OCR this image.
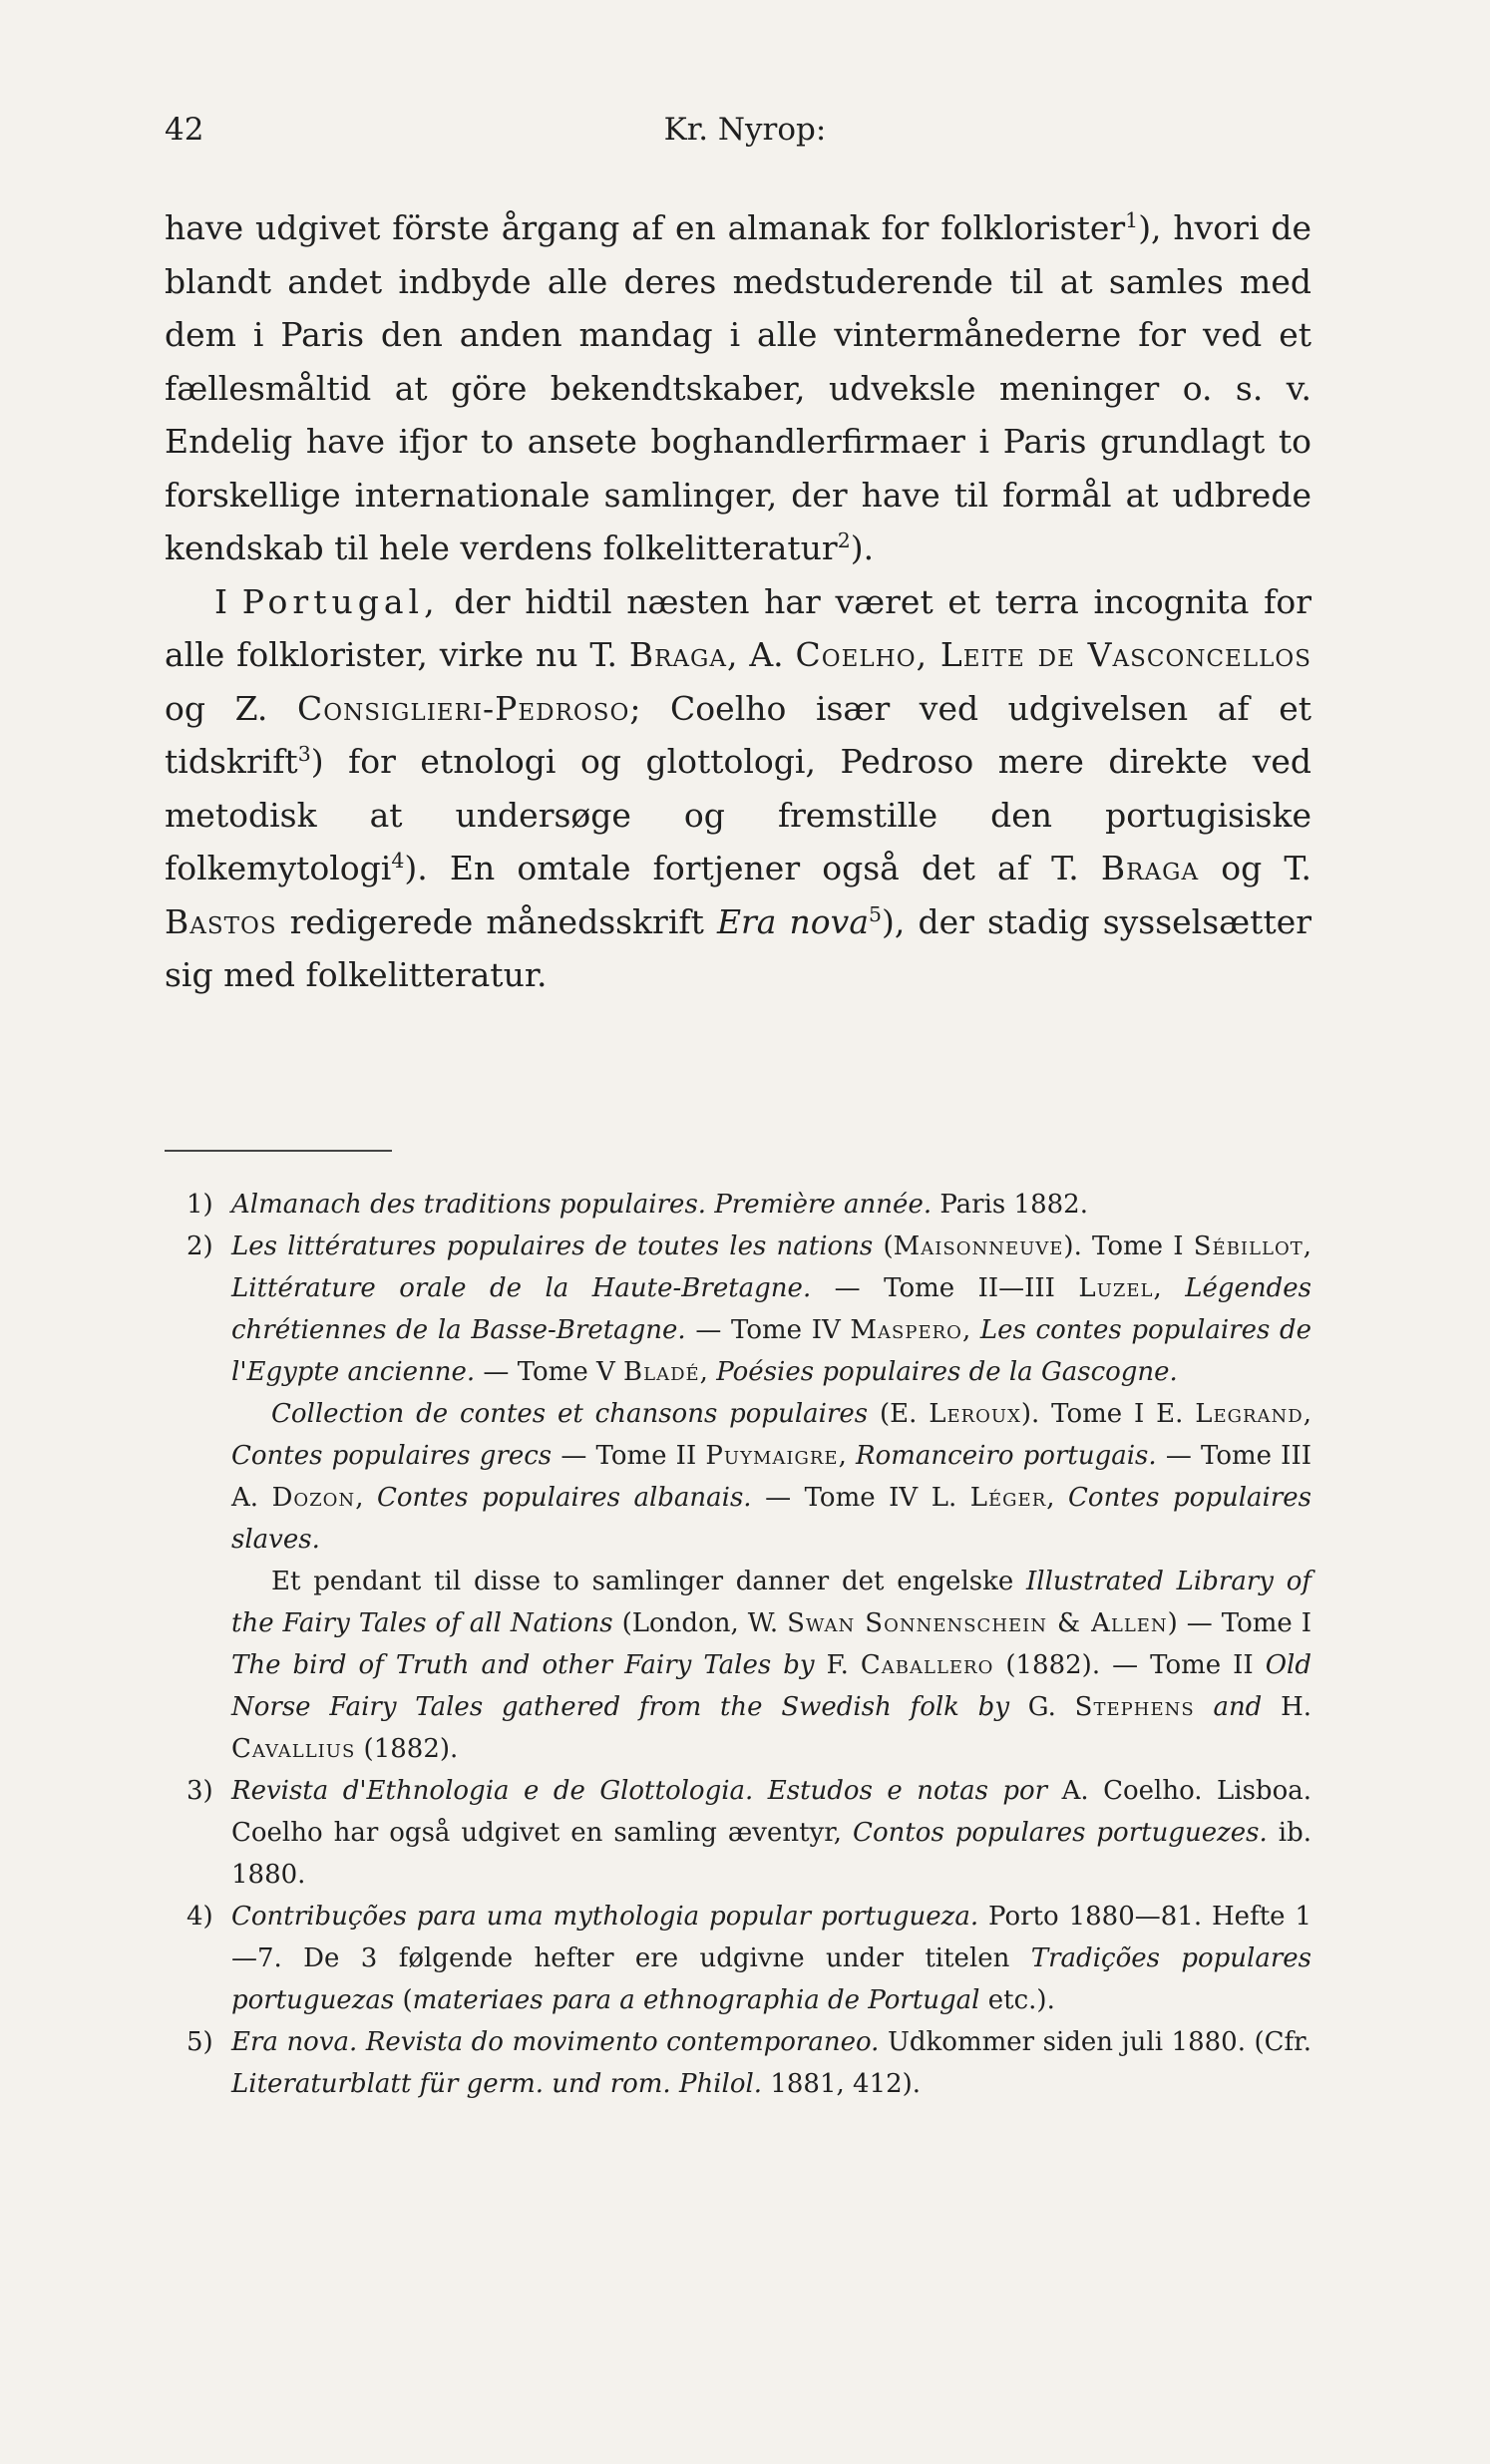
42	Kr. Nyrop:

have udgivet förste årgang af en almanak for folklorister$^1$), hvori de blandt andet indbyde alle deres medstuderende til at samles med dem i Paris den anden mandag i alle vintermånederne for ved et fællesmåltid at göre bekendtskaber, udveksle meninger o. s. v. Endelig have ifjor to ansete boghandlerfirmaer i Paris grundlagt to forskellige internationale samlinger, der have til formål at udbrede kendskab til hele verdens folkelitteratur$^2$).

I Portugal, der hidtil næsten har været et terra incognita for alle folklorister, virke nu T. Braga, A. Coelho, Leite de Vasconcellos og Z. Consiglieri-Pedroso; Coelho især ved udgivelsen af et tidskrift$^3$) for etnologi og glottologi, Pedroso mere direkte ved metodisk at undersøge og fremstille den portugisiske folkemytologi$^4$). En omtale fortjener også det af T. Braga og T. Bastos redigerede månedsskrift Era nova$^5$), der stadig sysselsætter sig med folkelitteratur.

1) Almanach des traditions populaires. Première année. Paris 1882.

2) Les littératures populaires de toutes les nations (Maisonneuve). Tome I Sébillot, Littérature orale de la Haute-Bretagne. — Tome II—III Luzel, Légendes chrétiennes de la Basse-Bretagne. — Tome IV Maspero, Les contes populaires de l'Egypte ancienne. — Tome V Bladé, Poésies populaires de la Gascogne.

Collection de contes et chansons populaires (E. Leroux). Tome I E. Legrand, Contes populaires grecs — Tome II Puymaigre, Romanceiro portugais. — Tome III A. Dozon, Contes populaires albanais. — Tome IV L. Léger, Contes populaires slaves.

Et pendant til disse to samlinger danner det engelske Illustrated Library of the Fairy Tales of all Nations (London, W. Swan Sonnenschein & Allen) — Tome I The bird of Truth and other Fairy Tales by F. Caballero (1882). — Tome II Old Norse Fairy Tales gathered from the Swedish folk by G. Stephens and H. Cavallius (1882).

3) Revista d'Ethnologia e de Glottologia. Estudos e notas por A. Coelho. Lisboa. Coelho har også udgivet en samling æventyr, Contos populares portuguezes. ib. 1880.

4) Contribuções para uma mythologia popular portugueza. Porto 1880—81. Hefte 1—7. De 3 følgende hefter ere udgivne under titelen Tradições populares portuguezas (materiaes para a ethnographia de Portugal etc.).

5) Era nova. Revista do movimento contemporaneo. Udkommer siden juli 1880. (Cfr. Literaturblatt für germ. und rom. Philol. 1881, 412).
